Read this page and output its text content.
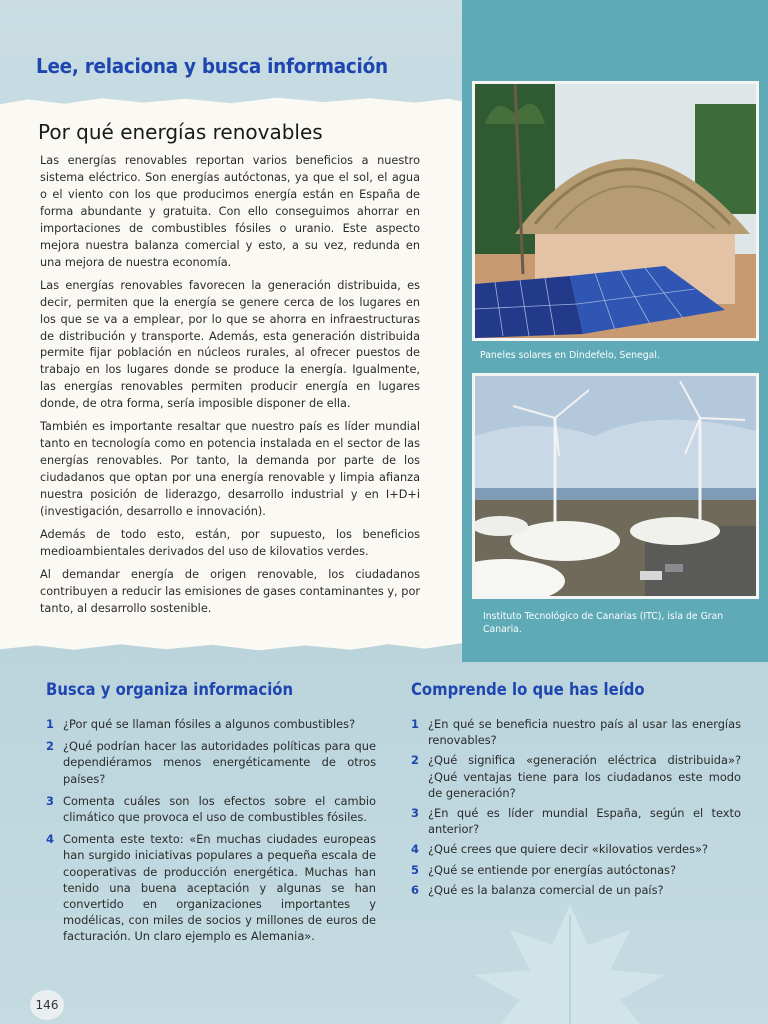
Lee, relaciona y busca información
Por qué energías renovables

Las energías renovables reportan varios beneficios a nuestro sistema eléctrico. Son energías autóctonas, ya que el sol, el agua o el viento con los que producimos energía están en España de forma abundante y gratuita. Con ello conseguimos ahorrar en importaciones de combustibles fósiles o uranio. Este aspecto mejora nuestra balanza comercial y esto, a su vez, redunda en una mejora de nuestra economía.

Las energías renovables favorecen la generación distribuida, es decir, permiten que la energía se genere cerca de los lugares en los que se va a emplear, por lo que se ahorra en infraestructuras de distribución y transporte. Además, esta generación distribuida permite fijar población en núcleos rurales, al ofrecer puestos de trabajo en los lugares donde se produce la energía. Igualmente, las energías renovables permiten producir energía en lugares donde, de otra forma, sería imposible disponer de ella.

También es importante resaltar que nuestro país es líder mundial tanto en tecnología como en potencia instalada en el sector de las energías renovables. Por tanto, la demanda por parte de los ciudadanos que optan por una energía renovable y limpia afianza nuestra posición de liderazgo, desarrollo industrial y en I+D+i (investigación, desarrollo e innovación).

Además de todo esto, están, por supuesto, los beneficios medioambientales derivados del uso de kilovatios verdes.

Al demandar energía de origen renovable, los ciudadanos contribuyen a reducir las emisiones de gases contaminantes y, por tanto, al desarrollo sostenible.

Paneles solares en Dindefelo, Senegal.
Instituto Tecnológico de Canarias (ITC), isla de Gran Canaria.
Busca y organiza información
1 ¿Por qué se llaman fósiles a algunos combustibles?
2 ¿Qué podrían hacer las autoridades políticas para que dependiéramos menos energéticamente de otros países?
3 Comenta cuáles son los efectos sobre el cambio climático que provoca el uso de combustibles fósiles.
4 Comenta este texto: «En muchas ciudades europeas han surgido iniciativas populares a pequeña escala de cooperativas de producción energética. Muchas han tenido una buena aceptación y algunas se han convertido en organizaciones importantes y modélicas, con miles de socios y millones de euros de facturación. Un claro ejemplo es Alemania».
Comprende lo que has leído
1 ¿En qué se beneficia nuestro país al usar las energías renovables?
2 ¿Qué significa «generación eléctrica distribuida»? ¿Qué ventajas tiene para los ciudadanos este modo de generación?
3 ¿En qué es líder mundial España, según el texto anterior?
4 ¿Qué crees que quiere decir «kilovatios verdes»?
5 ¿Qué se entiende por energías autóctonas?
6 ¿Qué es la balanza comercial de un país?
146
